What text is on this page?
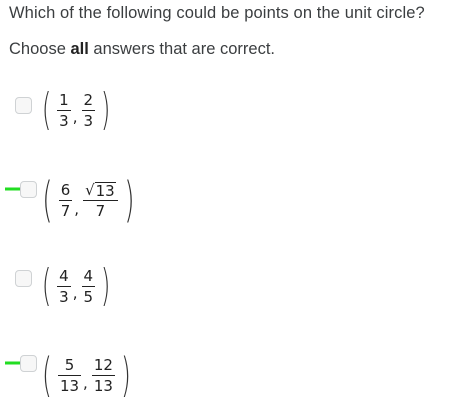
Which of the following could be points on the unit circle?
Choose all answers that are correct.
( $\frac{1}{3}$ , $\frac{2}{3}$ )
( $\frac{6}{7}$ , $\frac{√ 13}{7}$ )
( $\frac{4}{3}$ , $\frac{4}{5}$ )
( $\frac{5}{13}$ , $\frac{12}{13}$ )
